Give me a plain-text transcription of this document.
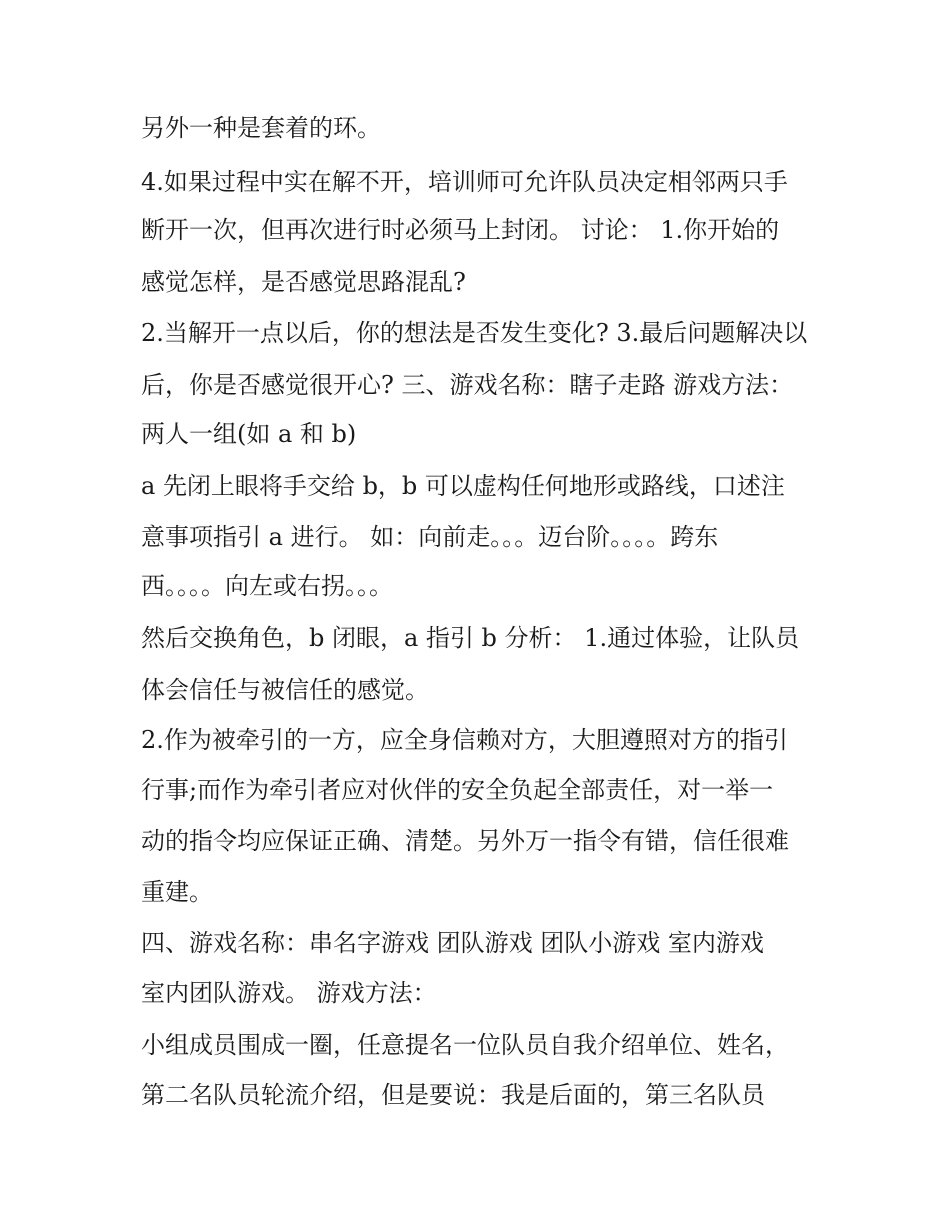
另外一种是套着的环。

4.如果过程中实在解不开，培训师可允许队员决定相邻两只手

断开一次，但再次进行时必须马上封闭。 讨论： 1.你开始的

感觉怎样，是否感觉思路混乱?

2.当解开一点以后，你的想法是否发生变化? 3.最后问题解决以

后，你是否感觉很开心? 三、游戏名称：瞎子走路 游戏方法：

两人一组(如 a 和 b)

a 先闭上眼将手交给 b，b 可以虚构任何地形或路线，口述注

意事项指引 a 进行。 如：向前走。。。迈台阶。。。。跨东

西。。。。向左或右拐。。。

然后交换角色，b 闭眼，a 指引 b 分析： 1.通过体验，让队员

体会信任与被信任的感觉。

2.作为被牵引的一方，应全身信赖对方，大胆遵照对方的指引

行事;而作为牵引者应对伙伴的安全负起全部责任，对一举一

动的指令均应保证正确、清楚。另外万一指令有错，信任很难

重建。

四、游戏名称：串名字游戏 团队游戏 团队小游戏 室内游戏

室内团队游戏。 游戏方法：

小组成员围成一圈，任意提名一位队员自我介绍单位、姓名，

第二名队员轮流介绍，但是要说：我是后面的，第三名队员
